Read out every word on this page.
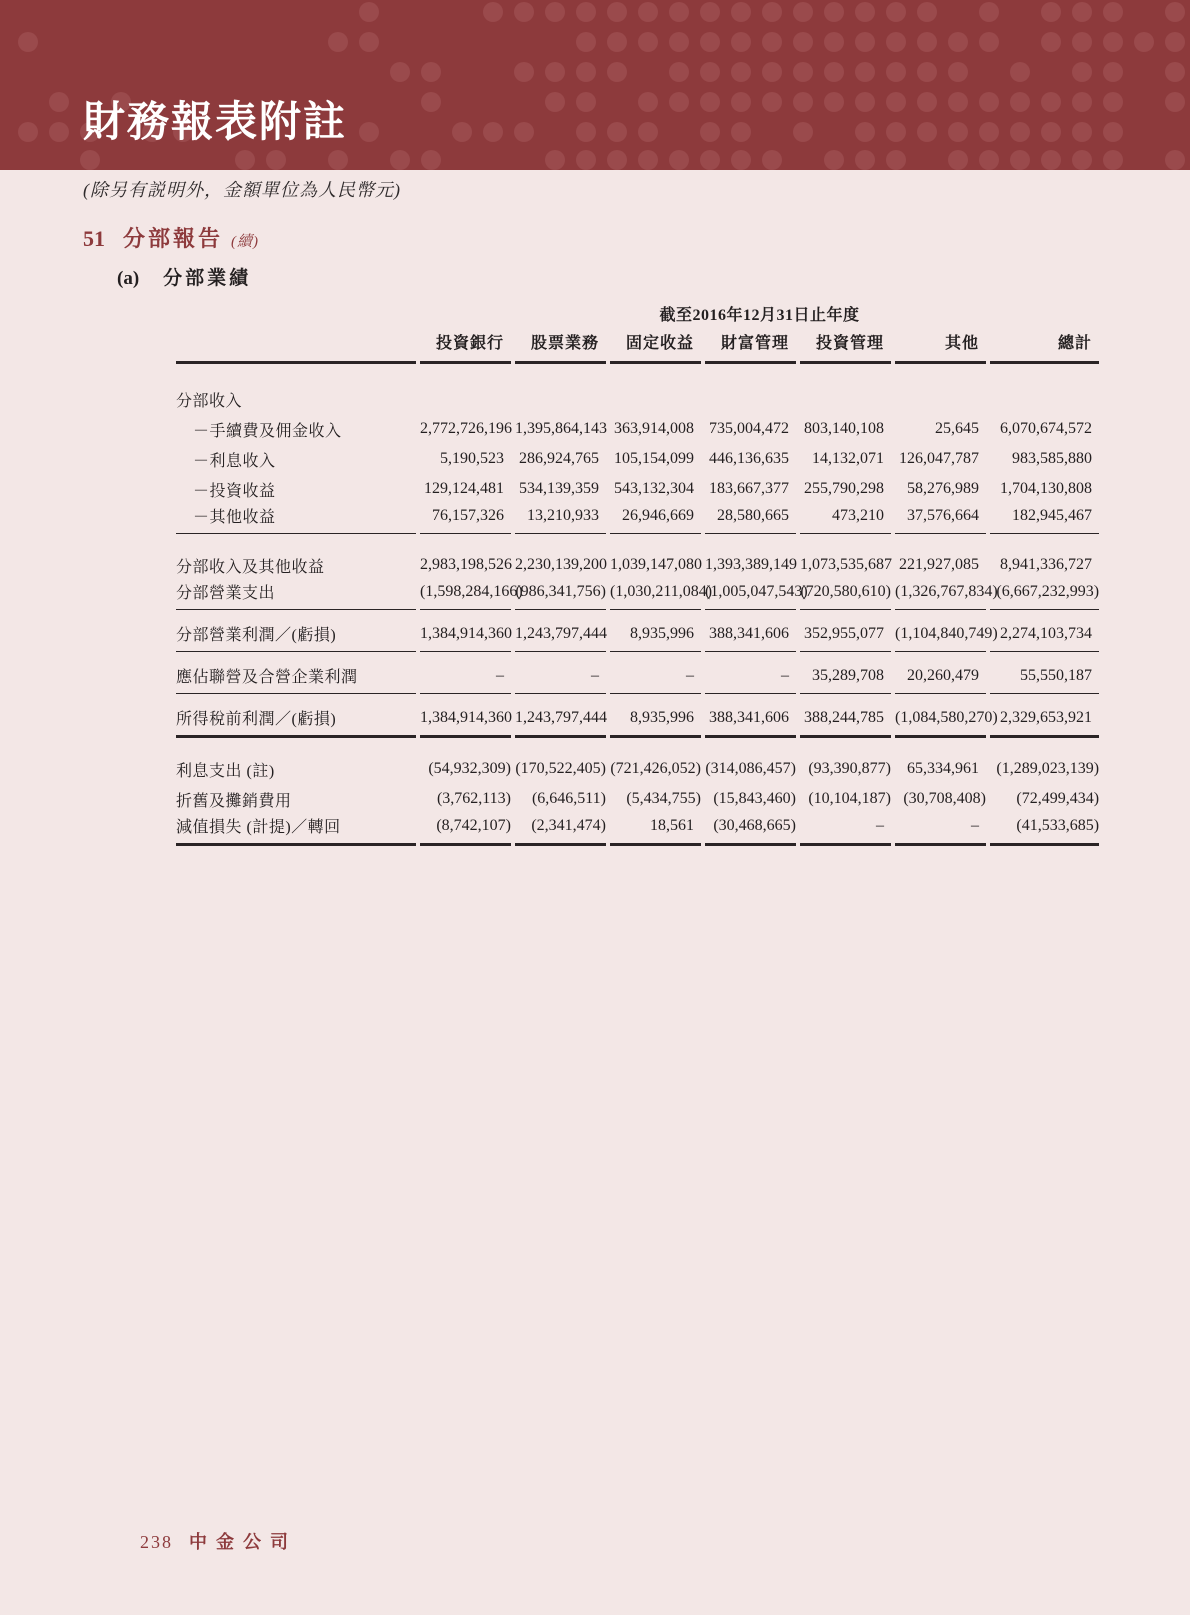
財務報表附註

(除另有説明外，金額單位為人民幣元)

51 分部報告 (續)
(a) 分部業績
	截至2016年12月31日止年度						
	投資銀行	股票業務	固定收益	財富管理	投資管理	其他	總計

分部收入							
－手續費及佣金收入	2,772,726,196	1,395,864,143	363,914,008	735,004,472	803,140,108	25,645	6,070,674,572
－利息收入	5,190,523	286,924,765	105,154,099	446,136,635	14,132,071	126,047,787	983,585,880
－投資收益	129,124,481	534,139,359	543,132,304	183,667,377	255,790,298	58,276,989	1,704,130,808
－其他收益	76,157,326	13,210,933	26,946,669	28,580,665	473,210	37,576,664	182,945,467

分部收入及其他收益	2,983,198,526	2,230,139,200	1,039,147,080	1,393,389,149	1,073,535,687	221,927,085	8,941,336,727
分部營業支出	(1,598,284,166)	(986,341,756)	(1,030,211,084)	(1,005,047,543)	(720,580,610)	(1,326,767,834)	(6,667,232,993)

分部營業利潤／(虧損)	1,384,914,360	1,243,797,444	8,935,996	388,341,606	352,955,077	(1,104,840,749)	2,274,103,734

應佔聯營及合營企業利潤	–	–	–	–	35,289,708	20,260,479	55,550,187

所得稅前利潤／(虧損)	1,384,914,360	1,243,797,444	8,935,996	388,341,606	388,244,785	(1,084,580,270)	2,329,653,921

利息支出 (註)	(54,932,309)	(170,522,405)	(721,426,052)	(314,086,457)	(93,390,877)	65,334,961	(1,289,023,139)
折舊及攤銷費用	(3,762,113)	(6,646,511)	(5,434,755)	(15,843,460)	(10,104,187)	(30,708,408)	(72,499,434)
減值損失 (計提)／轉回	(8,742,107)	(2,341,474)	18,561	(30,468,665)	–	–	(41,533,685)
238 中金公司
